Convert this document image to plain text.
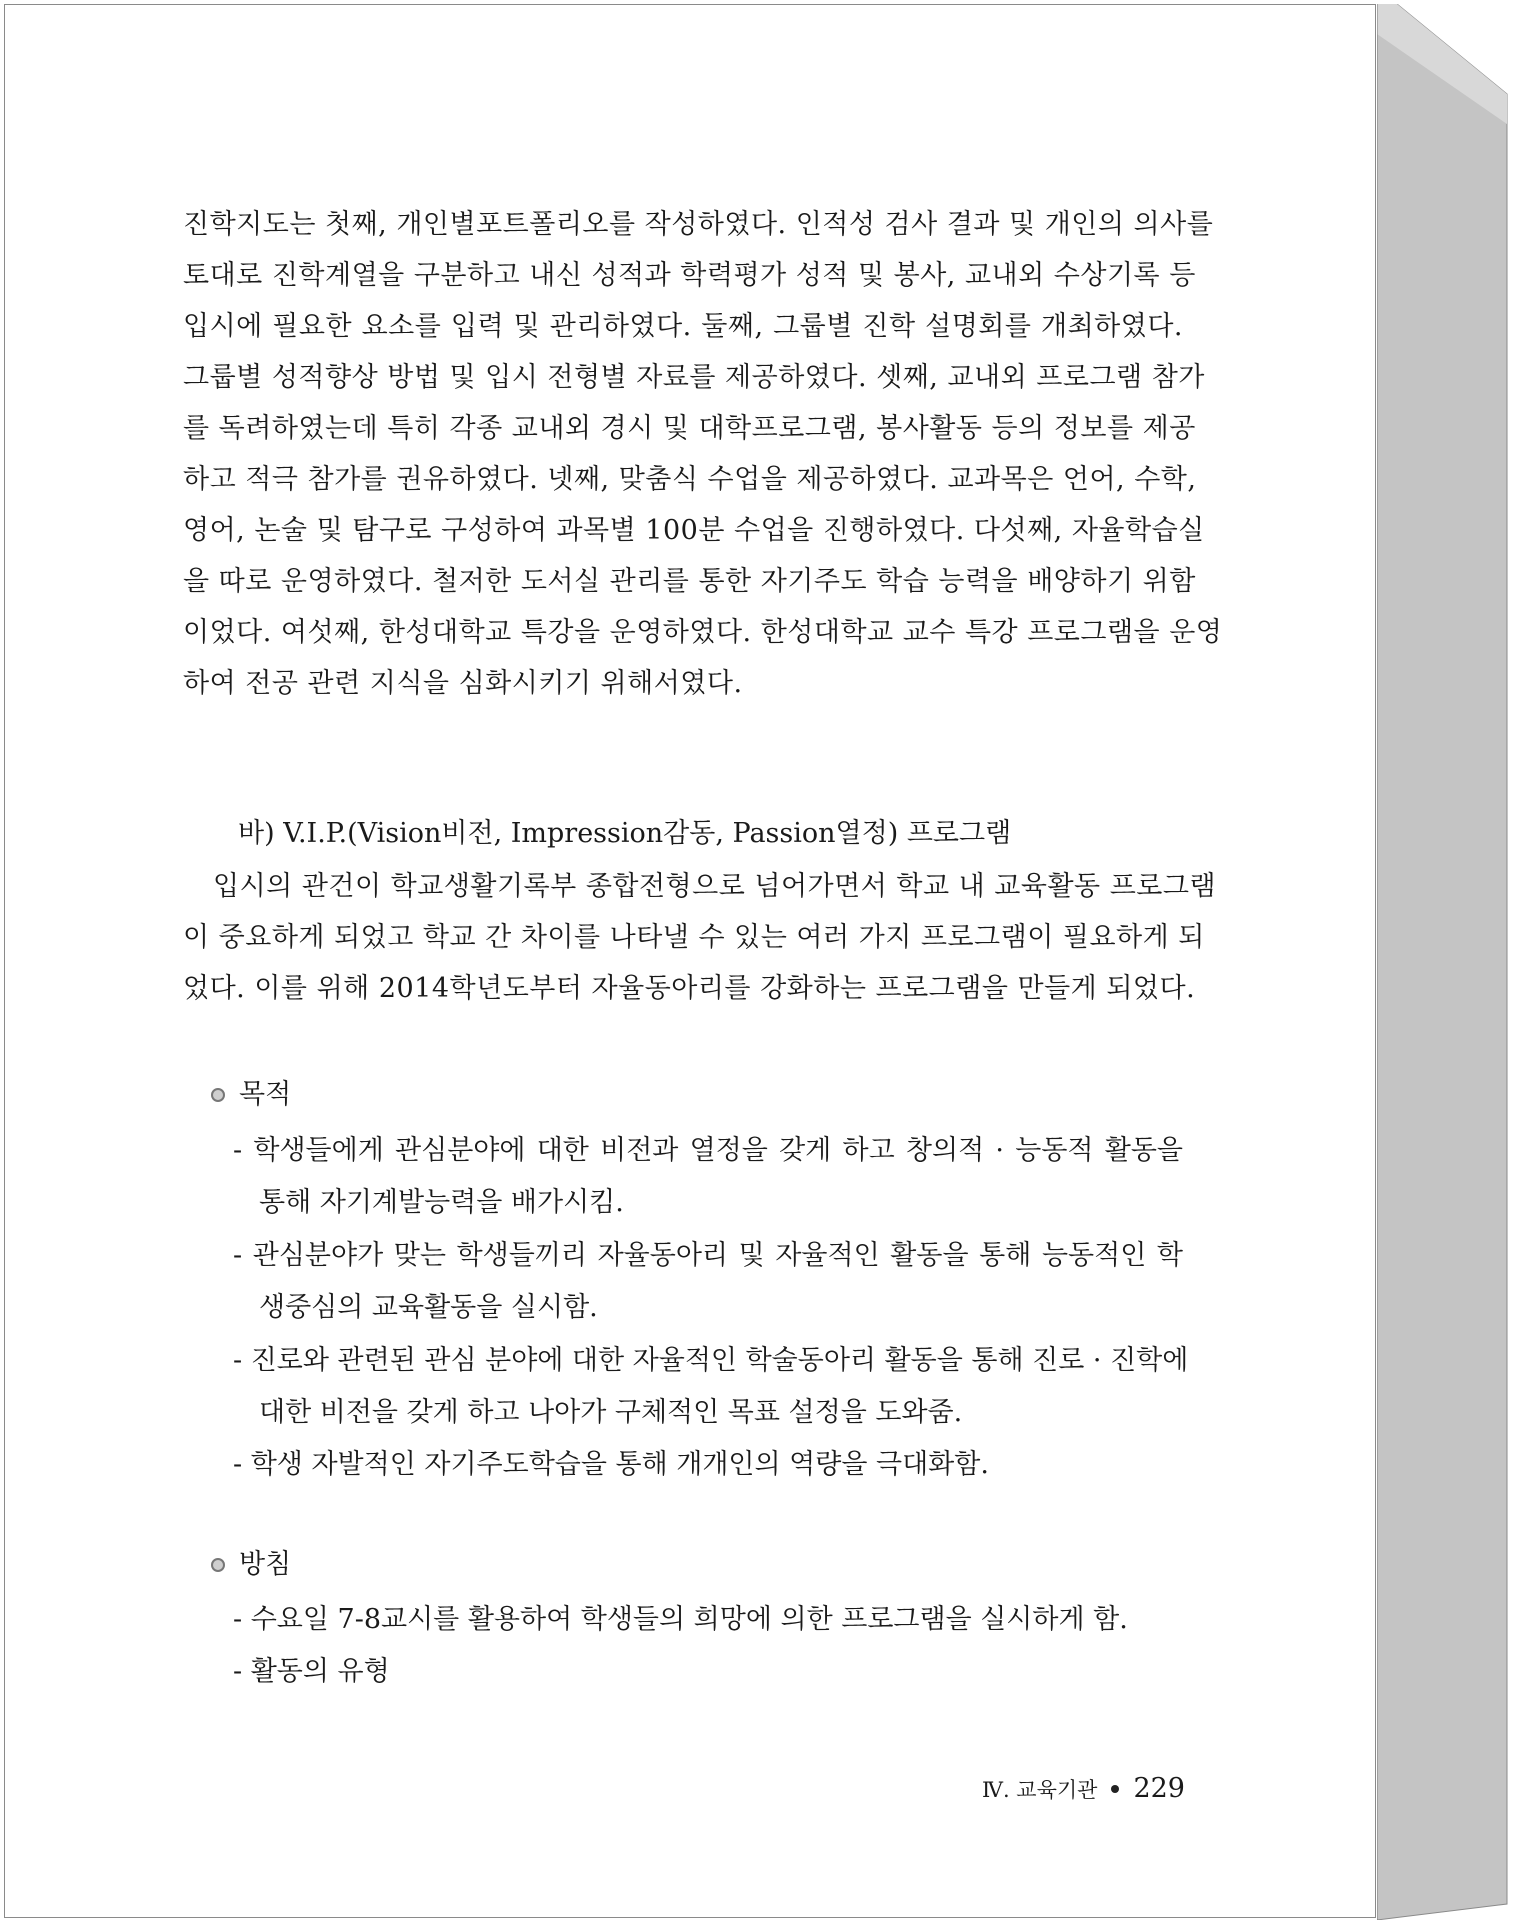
진학지도는 첫째, 개인별포트폴리오를 작성하였다. 인적성 검사 결과 및 개인의 의사를
토대로 진학계열을 구분하고 내신 성적과 학력평가 성적 및 봉사, 교내외 수상기록 등
입시에 필요한 요소를 입력 및 관리하였다. 둘째, 그룹별 진학 설명회를 개최하였다.
그룹별 성적향상 방법 및 입시 전형별 자료를 제공하였다. 셋째, 교내외 프로그램 참가
를 독려하였는데 특히 각종 교내외 경시 및 대학프로그램, 봉사활동 등의 정보를 제공
하고 적극 참가를 권유하였다. 넷째, 맞춤식 수업을 제공하였다. 교과목은 언어, 수학,
영어, 논술 및 탐구로 구성하여 과목별 100분 수업을 진행하였다. 다섯째, 자율학습실
을 따로 운영하였다. 철저한 도서실 관리를 통한 자기주도 학습 능력을 배양하기 위함
이었다. 여섯째, 한성대학교 특강을 운영하였다. 한성대학교 교수 특강 프로그램을 운영
하여 전공 관련 지식을 심화시키기 위해서였다.
바) V.I.P.(Vision비전, Impression감동, Passion열정) 프로그램
입시의 관건이 학교생활기록부 종합전형으로 넘어가면서 학교 내 교육활동 프로그램
이 중요하게 되었고 학교 간 차이를 나타낼 수 있는 여러 가지 프로그램이 필요하게 되
었다. 이를 위해 2014학년도부터 자율동아리를 강화하는 프로그램을 만들게 되었다.
목적
- 학생들에게 관심분야에 대한 비전과 열정을 갖게 하고 창의적 · 능동적 활동을
통해 자기계발능력을 배가시킴.
- 관심분야가 맞는 학생들끼리 자율동아리 및 자율적인 활동을 통해 능동적인 학
생중심의 교육활동을 실시함.
- 진로와 관련된 관심 분야에 대한 자율적인 학술동아리 활동을 통해 진로 · 진학에
대한 비전을 갖게 하고 나아가 구체적인 목표 설정을 도와줌.
- 학생 자발적인 자기주도학습을 통해 개개인의 역량을 극대화함.
방침
- 수요일 7-8교시를 활용하여 학생들의 희망에 의한 프로그램을 실시하게 함.
- 활동의 유형
Ⅳ. 교육기관 229
